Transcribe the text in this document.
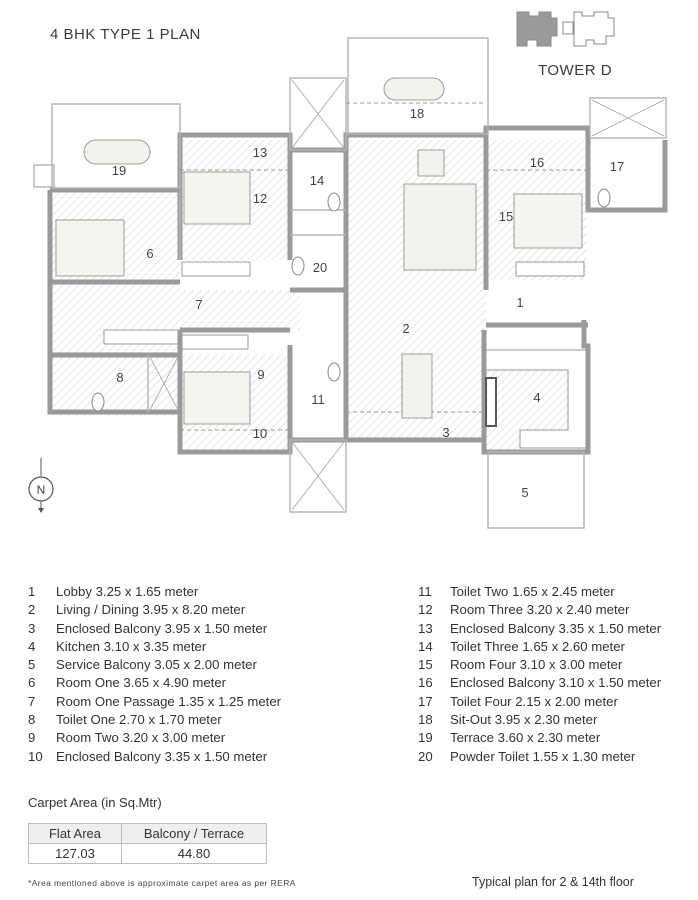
4 BHK TYPE 1 PLAN
TOWER D
1
2
3
4
5
6
7
8	9
10
11
12
13
14
15
16	17
18
19
20
N
1 Lobby 3.25 x 1.65 meter
2 Living / Dining 3.95 x 8.20 meter
3 Enclosed Balcony 3.95 x 1.50 meter
4 Kitchen 3.10 x 3.35 meter
5 Service Balcony 3.05 x 2.00 meter
6 Room One 3.65 x 4.90 meter
7 Room One Passage 1.35 x 1.25 meter
8 Toilet One 2.70 x 1.70 meter
9 Room Two 3.20 x 3.00 meter
10 Enclosed Balcony 3.35 x 1.50 meter
11 Toilet Two 1.65 x 2.45 meter
12 Room Three 3.20 x 2.40 meter
13 Enclosed Balcony 3.35 x 1.50 meter
14 Toilet Three 1.65 x 2.60 meter
15 Room Four 3.10 x 3.00 meter
16 Enclosed Balcony 3.10 x 1.50 meter
17 Toilet Four 2.15 x 2.00 meter
18 Sit-Out 3.95 x 2.30 meter
19 Terrace 3.60 x 2.30 meter
20 Powder Toilet 1.55 x 1.30 meter
Carpet Area (in Sq.Mtr)
Flat Area	Balcony / Terrace
127.03	44.80
*Area mentioned above is approximate carpet area as per RERA	Typical plan for 2 & 14th floor
